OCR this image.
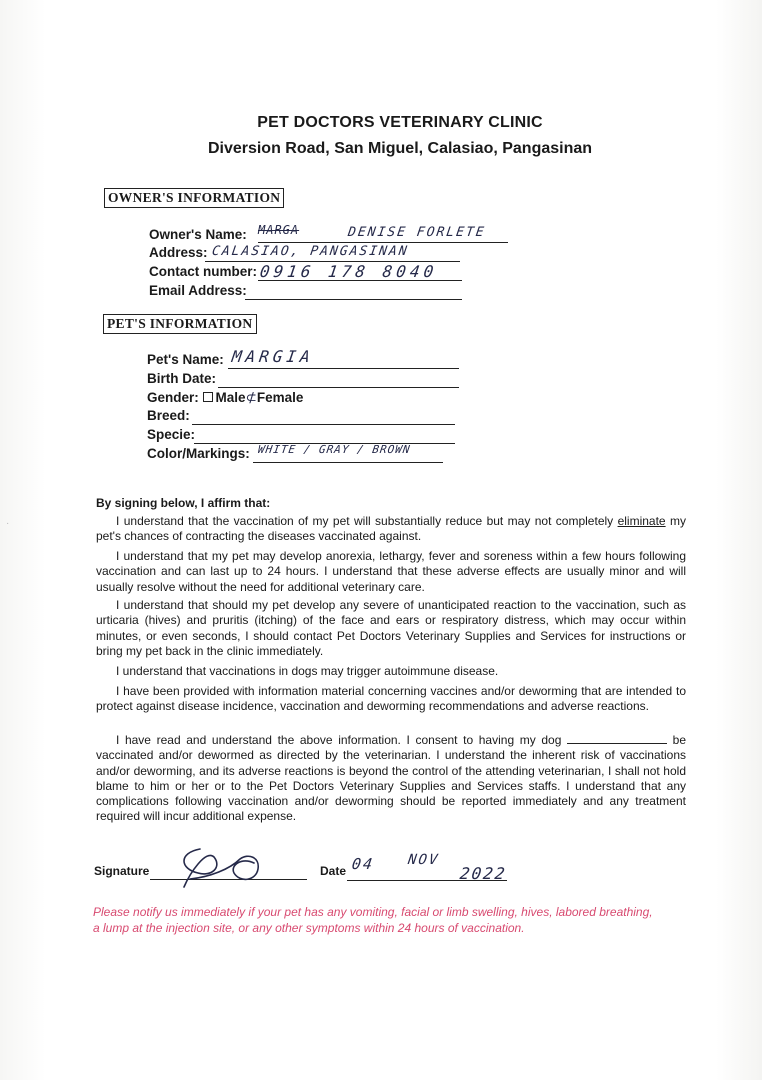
PET DOCTORS VETERINARY CLINIC
Diversion Road, San Miguel, Calasiao, Pangasinan
OWNER'S INFORMATION
Owner's Name: MARGA	DENISE FORLETE
Address: CALASIAO, PANGASINAN
Contact number: 0916 178 8040
Email Address:
PET'S INFORMATION
Pet's Name: MARGIA
Birth Date:
Gender: Male⊄Female
Breed:
Specie:
Color/Markings: WHITE / GRAY / BROWN
By signing below, I affirm that:

I understand that the vaccination of my pet will substantially reduce but may not completely eliminate my pet's chances of contracting the diseases vaccinated against.

I understand that my pet may develop anorexia, lethargy, fever and soreness within a few hours following vaccination and can last up to 24 hours. I understand that these adverse effects are usually minor and will usually resolve without the need for additional veterinary care.

I understand that should my pet develop any severe of unanticipated reaction to the vaccination, such as urticaria (hives) and pruritis (itching) of the face and ears or respiratory distress, which may occur within minutes, or even seconds, I should contact Pet Doctors Veterinary Supplies and Services for instructions or bring my pet back in the clinic immediately.

I understand that vaccinations in dogs may trigger autoimmune disease.

I have been provided with information material concerning vaccines and/or deworming that are intended to protect against disease incidence, vaccination and deworming recommendations and adverse reactions.

I have read and understand the above information. I consent to having my dog	be vaccinated and/or dewormed as directed by the veterinarian. I understand the inherent risk of vaccinations and/or deworming, and its adverse reactions is beyond the control of the attending veterinarian, I shall not hold blame to him or her or to the Pet Doctors Veterinary Supplies and Services staffs. I understand that any complications following vaccination and/or deworming should be reported immediately and any treatment required will incur additional expense.

Signature	Date 04 NOV
2022
Please notify us immediately if your pet has any vomiting, facial or limb swelling, hives, labored breathing, a lump at the injection site, or any other symptoms within 24 hours of vaccination.
·
